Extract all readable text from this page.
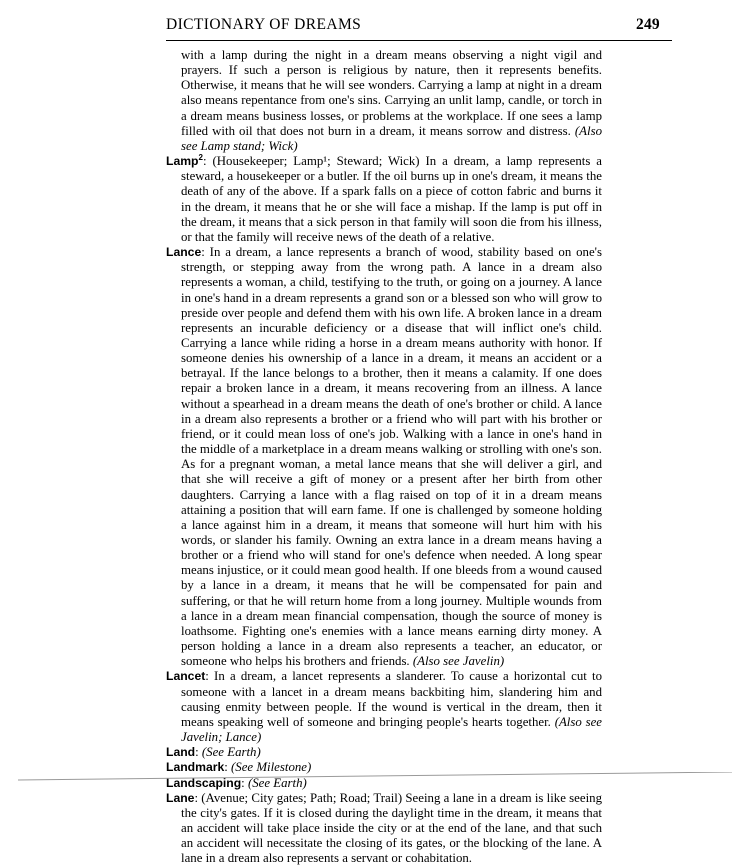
DICTIONARY OF DREAMS	249

with a lamp during the night in a dream means observing a night vigil and prayers. If such a person is religious by nature, then it represents benefits. Otherwise, it means that he will see wonders. Carrying a lamp at night in a dream also means repentance from one's sins. Carrying an unlit lamp, candle, or torch in a dream means business losses, or problems at the workplace. If one sees a lamp filled with oil that does not burn in a dream, it means sorrow and distress. (Also see Lamp stand; Wick)

Lamp$^2$: (Housekeeper; Lamp¹; Steward; Wick) In a dream, a lamp represents a steward, a housekeeper or a butler. If the oil burns up in one's dream, it means the death of any of the above. If a spark falls on a piece of cotton fabric and burns it in the dream, it means that he or she will face a mishap. If the lamp is put off in the dream, it means that a sick person in that family will soon die from his illness, or that the family will receive news of the death of a relative.

Lance: In a dream, a lance represents a branch of wood, stability based on one's strength, or stepping away from the wrong path. A lance in a dream also represents a woman, a child, testifying to the truth, or going on a journey. A lance in one's hand in a dream represents a grand son or a blessed son who will grow to preside over people and defend them with his own life. A broken lance in a dream represents an incurable deficiency or a disease that will inflict one's child. Carrying a lance while riding a horse in a dream means authority with honor. If someone denies his ownership of a lance in a dream, it means an accident or a betrayal. If the lance belongs to a brother, then it means a calamity. If one does repair a broken lance in a dream, it means recovering from an illness. A lance without a spearhead in a dream means the death of one's brother or child. A lance in a dream also represents a brother or a friend who will part with his brother or friend, or it could mean loss of one's job. Walking with a lance in one's hand in the middle of a marketplace in a dream means walking or strolling with one's son. As for a pregnant woman, a metal lance means that she will deliver a girl, and that she will receive a gift of money or a present after her birth from other daughters. Carrying a lance with a flag raised on top of it in a dream means attaining a position that will earn fame. If one is challenged by someone holding a lance against him in a dream, it means that someone will hurt him with his words, or slander his family. Owning an extra lance in a dream means having a brother or a friend who will stand for one's defence when needed. A long spear means injustice, or it could mean good health. If one bleeds from a wound caused by a lance in a dream, it means that he will be compensated for pain and suffering, or that he will return home from a long journey. Multiple wounds from a lance in a dream mean financial compensation, though the source of money is loathsome. Fighting one's enemies with a lance means earning dirty money. A person holding a lance in a dream also represents a teacher, an educator, or someone who helps his brothers and friends. (Also see Javelin)

Lancet: In a dream, a lancet represents a slanderer. To cause a horizontal cut to someone with a lancet in a dream means backbiting him, slandering him and causing enmity between people. If the wound is vertical in the dream, then it means speaking well of someone and bringing people's hearts together. (Also see Javelin; Lance)

Land: (See Earth)

Landmark: (See Milestone)

Landscaping: (See Earth)

Lane: (Avenue; City gates; Path; Road; Trail) Seeing a lane in a dream is like seeing the city's gates. If it is closed during the daylight time in the dream, it means that an accident will take place inside the city or at the end of the lane, and that such an accident will necessitate the closing of its gates, or the blocking of the lane. A lane in a dream also represents a servant or cohabitation.
